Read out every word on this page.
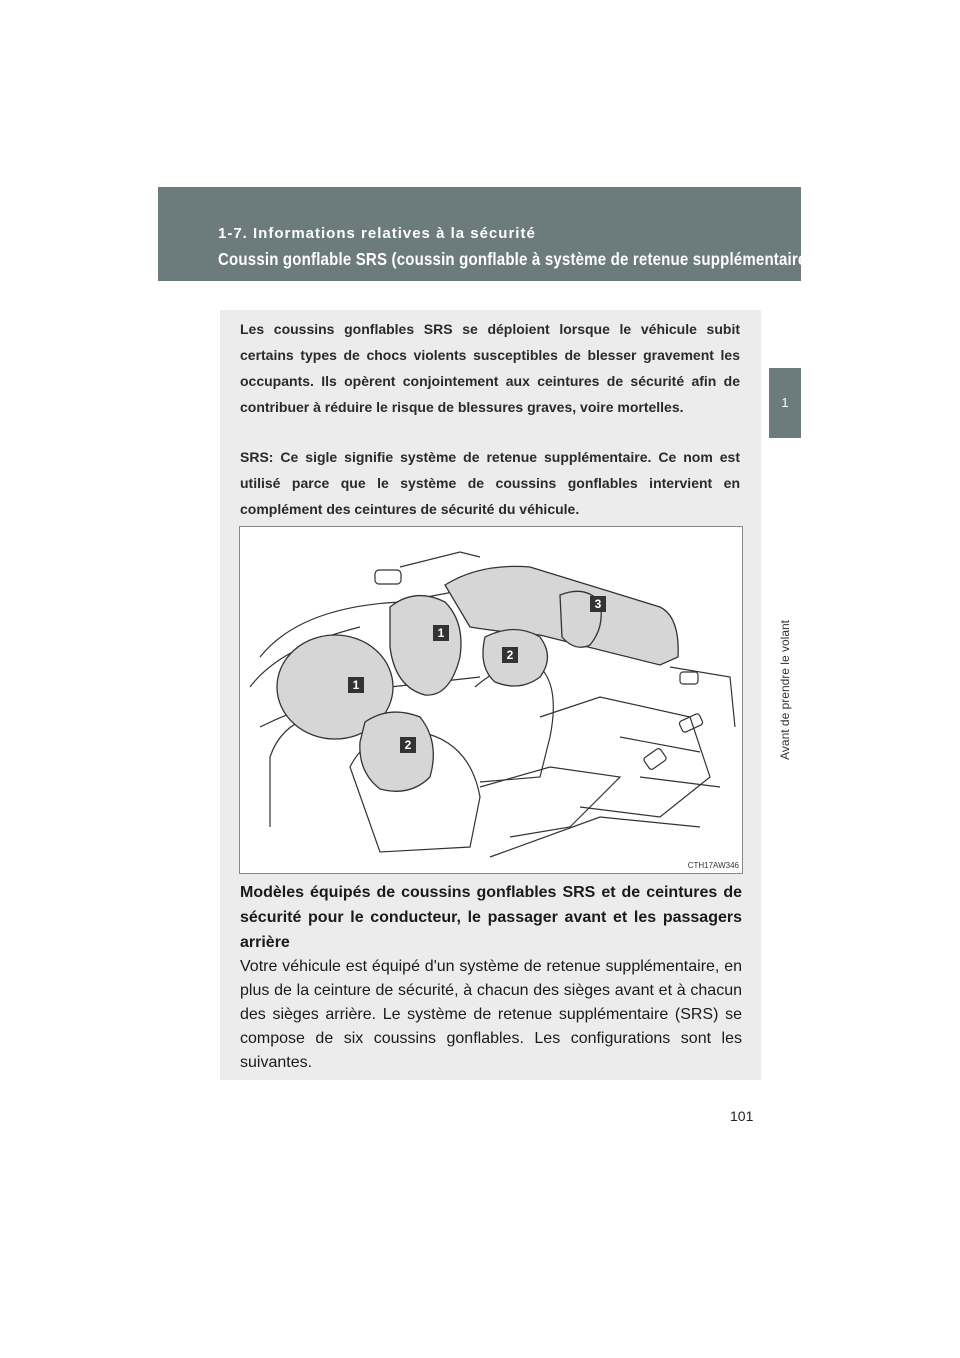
1-7. Informations relatives à la sécurité
Coussin gonflable SRS (coussin gonflable à système de retenue supplémentaire)
1
Avant de prendre le volant

Les coussins gonflables SRS se déploient lorsque le véhicule subit certains types de chocs violents susceptibles de blesser gravement les occupants. Ils opèrent conjointement aux ceintures de sécurité afin de contribuer à réduire le risque de blessures graves, voire mortelles.

SRS: Ce sigle signifie système de retenue supplémentaire. Ce nom est utilisé parce que le système de coussins gonflables intervient en complément des ceintures de sécurité du véhicule.

1
1
2
2
3
CTH17AW346

Modèles équipés de coussins gonflables SRS et de ceintures de sécurité pour le conducteur, le passager avant et les passagers arrière

Votre véhicule est équipé d'un système de retenue supplémentaire, en plus de la ceinture de sécurité, à chacun des sièges avant et à chacun des sièges arrière. Le système de retenue supplémentaire (SRS) se compose de six coussins gonflables. Les configurations sont les suivantes.

101
